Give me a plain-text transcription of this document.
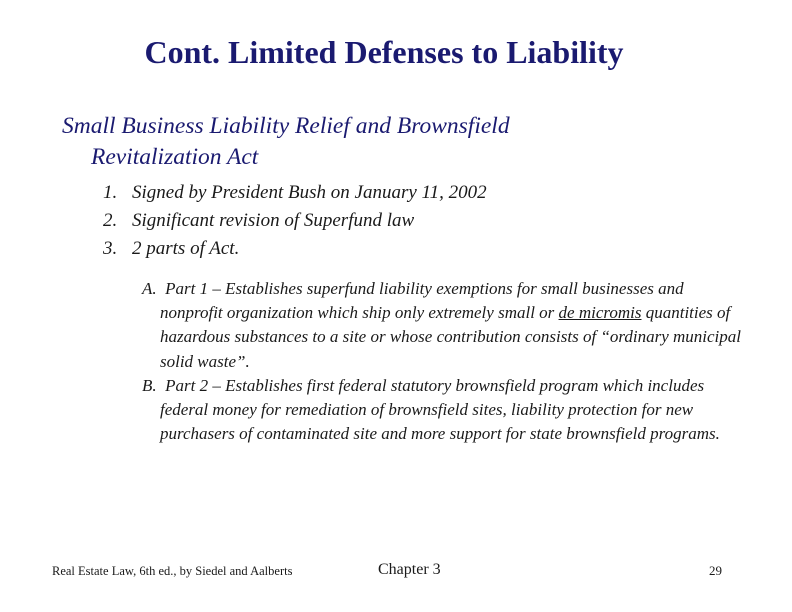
Cont. Limited Defenses to Liability
Small Business Liability Relief and Brownsfield
Revitalization Act
1. Signed by President Bush on January 11, 2002
2. Significant revision of Superfund law
3. 2 parts of Act.
A. Part 1 – Establishes superfund liability exemptions for small businesses and nonprofit organization which ship only extremely small or de micromis quantities of hazardous substances to a site or whose contribution consists of “ordinary municipal solid waste”.
B. Part 2 – Establishes first federal statutory brownsfield program which includes federal money for remediation of brownsfield sites, liability protection for new purchasers of contaminated site and more support for state brownsfield programs.
Real Estate Law, 6th ed., by Siedel and Aalberts	Chapter 3	29
